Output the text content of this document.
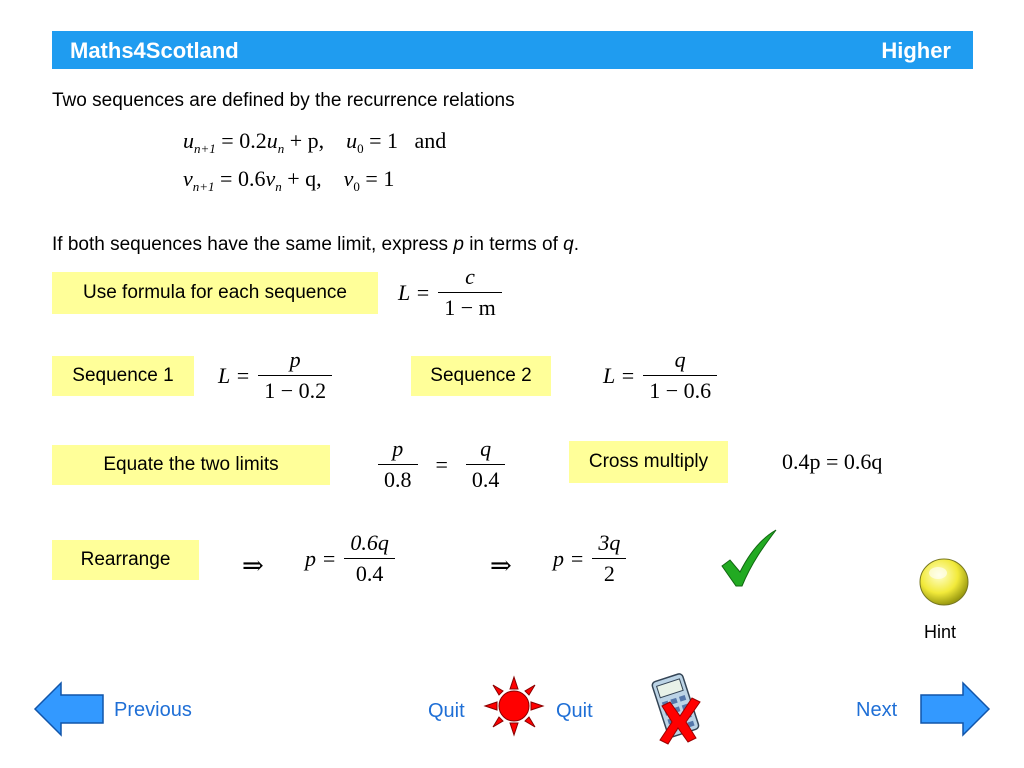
Maths4Scotland	Higher
Two sequences are defined by the recurrence relations
$u_{n+1} = 0.2u_n + p$, $u_0 = 1$ and
$v_{n+1} = 0.6v_n + q$, $v_0 = 1$
If both sequences have the same limit, express p in terms of q.
Use formula for each sequence	$L = \frac{c}{1 - m}$
Sequence 1	$L = \frac{p}{1 - 0.2}$	Sequence 2	$L = \frac{q}{1 - 0.6}$
Equate the two limits	$\frac{p}{0.8} = \frac{q}{0.4}$	Cross multiply	0.4p = 0.6q
Rearrange	⇒ $p = \frac{0.6q}{0.4}$	⇒ $p = \frac{3q}{2}$
Hint
Previous	Quit	Quit	Next
